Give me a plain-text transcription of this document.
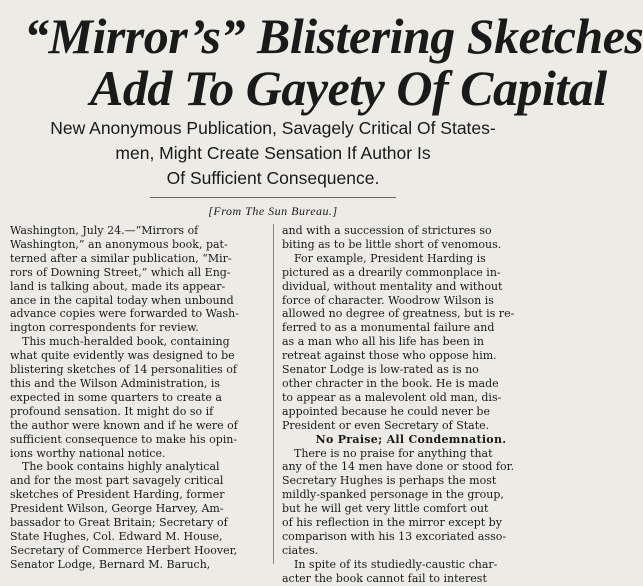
“Mirror’s” Blistering Sketches
Add To Gayety Of Capital
New Anonymous Publication, Savagely Critical Of States-
men, Might Create Sensation If Author Is
Of Sufficient Consequence.
[From The Sun Bureau.]
Washington, July 24.—“Mirrors of
Washington,” an anonymous book, pat-
terned after a similar publication, “Mir-
rors of Downing Street,” which all Eng-
land is talking about, made its appear-
ance in the capital today when unbound
advance copies were forwarded to Wash-
ington correspondents for review.
This much-heralded book, containing
what quite evidently was designed to be
blistering sketches of 14 personalities of
this and the Wilson Administration, is
expected in some quarters to create a
profound sensation. It might do so if
the author were known and if he were of
sufficient consequence to make his opin-
ions worthy national notice.
The book contains highly analytical
and for the most part savagely critical
sketches of President Harding, former
President Wilson, George Harvey, Am-
bassador to Great Britain; Secretary of
State Hughes, Col. Edward M. House,
Secretary of Commerce Herbert Hoover,
Senator Lodge, Bernard M. Baruch,
and with a succession of strictures so
biting as to be little short of venomous.
For example, President Harding is
pictured as a drearily commonplace in-
dividual, without mentality and without
force of character. Woodrow Wilson is
allowed no degree of greatness, but is re-
ferred to as a monumental failure and
as a man who all his life has been in
retreat against those who oppose him.
Senator Lodge is low-rated as is no
other chracter in the book. He is made
to appear as a malevolent old man, dis-
appointed because he could never be
President or even Secretary of State.
No Praise; All Condemnation.
There is no praise for anything that
any of the 14 men have done or stood for.
Secretary Hughes is perhaps the most
mildly-spanked personage in the group,
but he will get very little comfort out
of his reflection in the mirror except by
comparison with his 13 excoriated asso-
ciates.
In spite of its studiedly-caustic char-
acter the book cannot fail to interest
